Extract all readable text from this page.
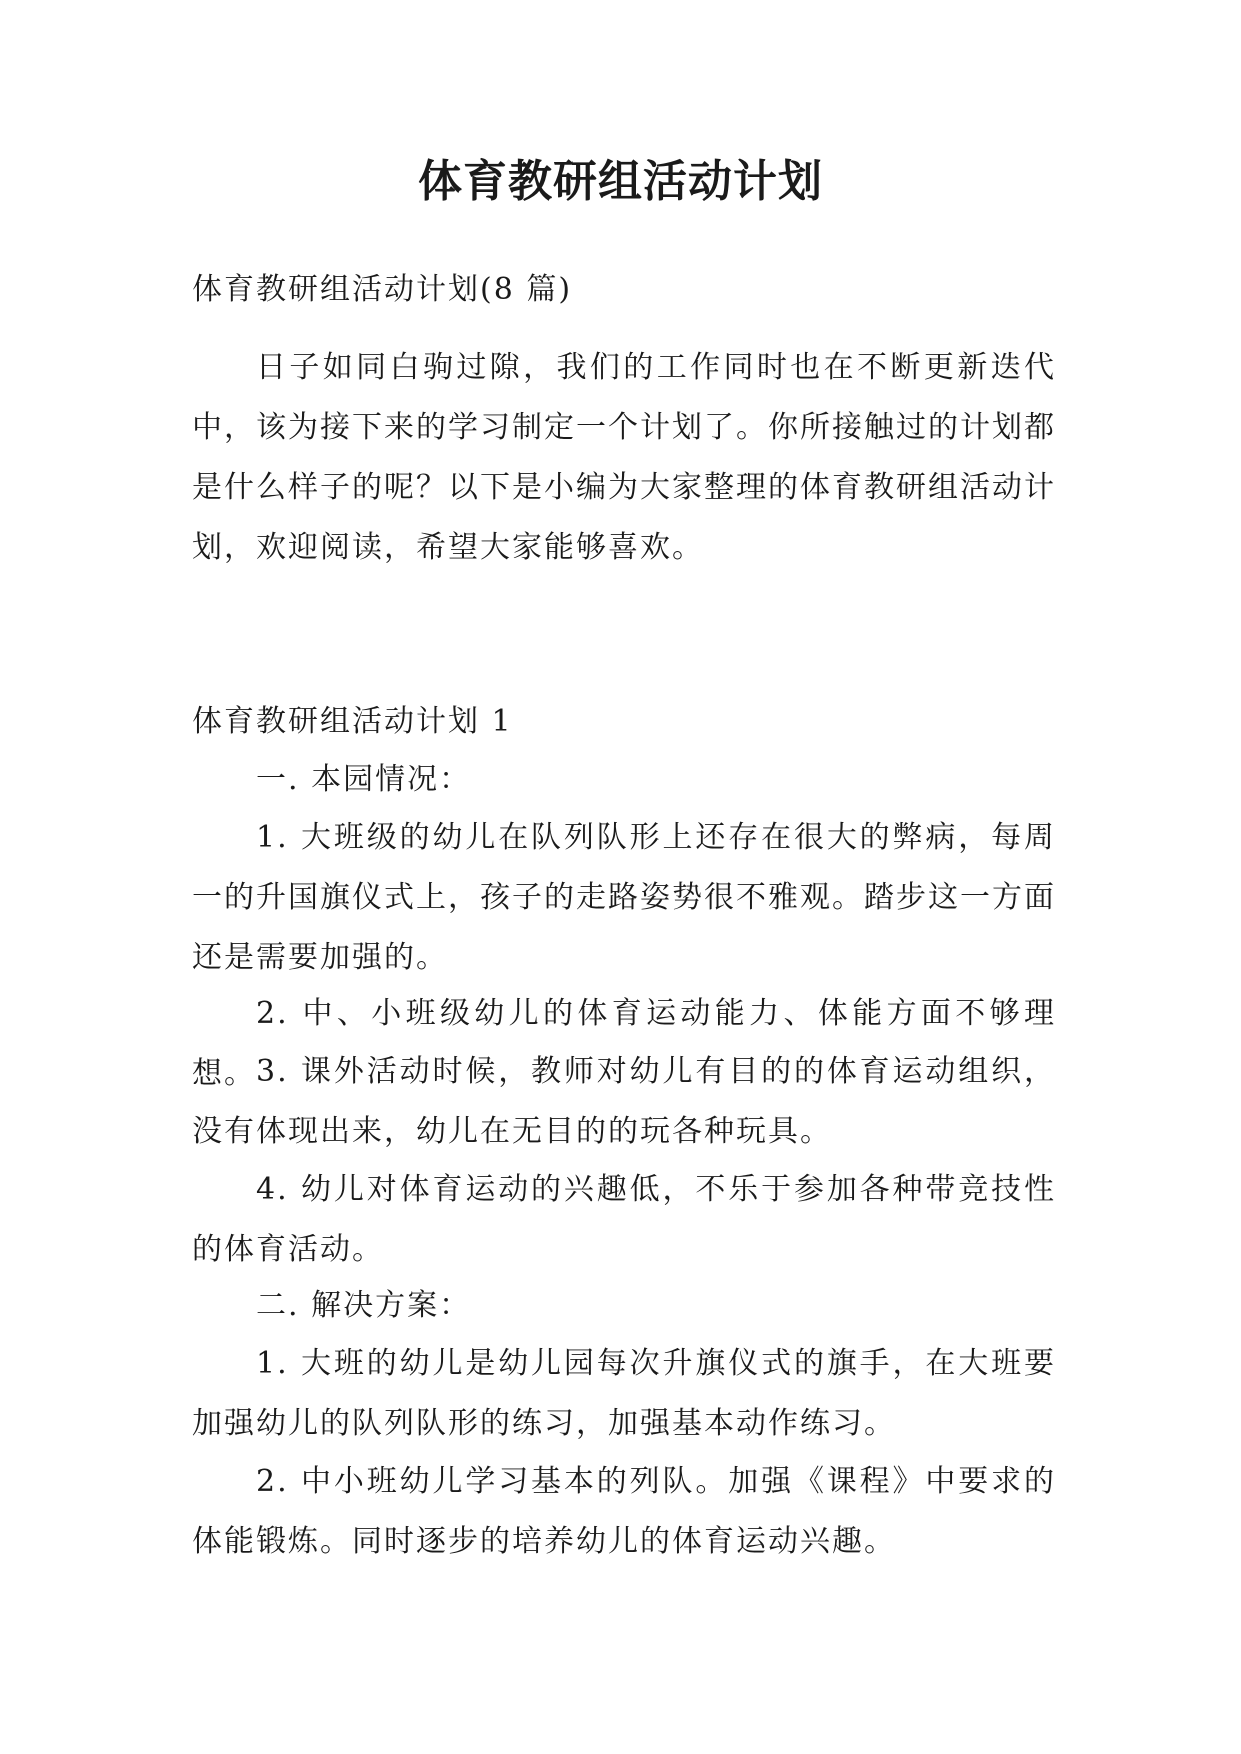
体育教研组活动计划

体育教研组活动计划(8 篇)

日子如同白驹过隙，我们的工作同时也在不断更新迭代中，该为接下来的学习制定一个计划了。你所接触过的计划都是什么样子的呢？以下是小编为大家整理的体育教研组活动计划，欢迎阅读，希望大家能够喜欢。

体育教研组活动计划 1

一. 本园情况：

1. 大班级的幼儿在队列队形上还存在很大的弊病，每周一的升国旗仪式上，孩子的走路姿势很不雅观。踏步这一方面还是需要加强的。

2. 中、小班级幼儿的体育运动能力、体能方面不够理想。 3. 课外活动时候，教师对幼儿有目的的体育运动组织，没有体现出来，幼儿在无目的的玩各种玩具。

4. 幼儿对体育运动的兴趣低，不乐于参加各种带竞技性的体育活动。

二. 解决方案：

1. 大班的幼儿是幼儿园每次升旗仪式的旗手，在大班要加强幼儿的队列队形的练习，加强基本动作练习。

2. 中小班幼儿学习基本的列队。加强《课程》中要求的体能锻炼。同时逐步的培养幼儿的体育运动兴趣。
